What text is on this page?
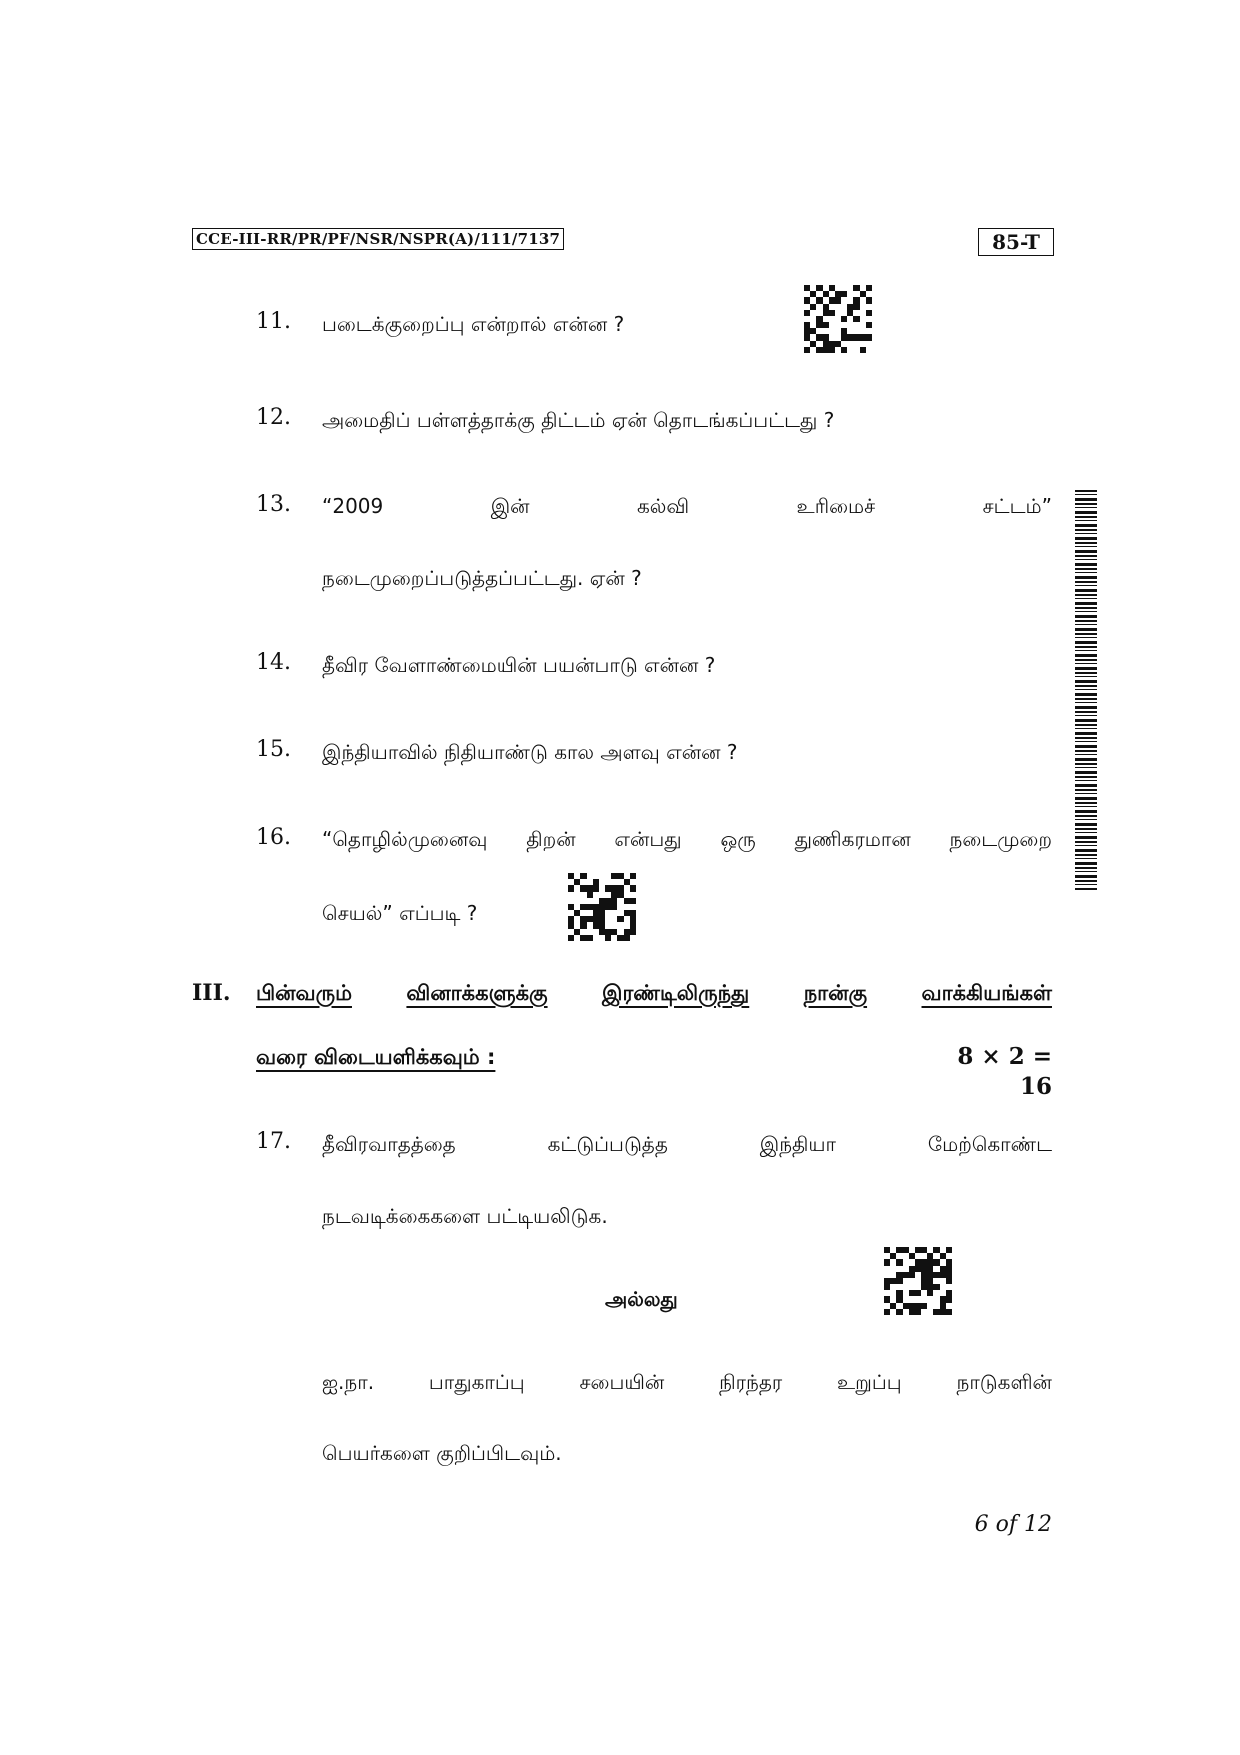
CCE-III-RR/PR/PF/NSR/NSPR(A)/111/7137	85-T
11. படைக்குறைப்பு என்றால் என்ன ?
12. அமைதிப் பள்ளத்தாக்கு திட்டம் ஏன் தொடங்கப்பட்டது ?
13. “2009	இன்	கல்வி	உரிமைச்	சட்டம்”
நடைமுறைப்படுத்தப்பட்டது. ஏன் ?
14. தீவிர வேளாண்மையின் பயன்பாடு என்ன ?
15. இந்தியாவில் நிதியாண்டு கால அளவு என்ன ?
16. “தொழில்முனைவு திறன் என்பது ஒரு துணிகரமான நடைமுறை
செயல்” எப்படி ?
III. பின்வரும்	வினாக்களுக்கு	இரண்டிலிருந்து	நான்கு	வாக்கியங்கள்
வரை விடையளிக்கவும் :	8 × 2 = 16
17. தீவிரவாதத்தை	கட்டுப்படுத்த	இந்தியா	மேற்கொண்ட
நடவடிக்கைகளை பட்டியலிடுக.
அல்லது
ஐ.நா.	பாதுகாப்பு	சபையின்	நிரந்தர	உறுப்பு	நாடுகளின்
பெயர்களை குறிப்பிடவும்.
6 of 12
